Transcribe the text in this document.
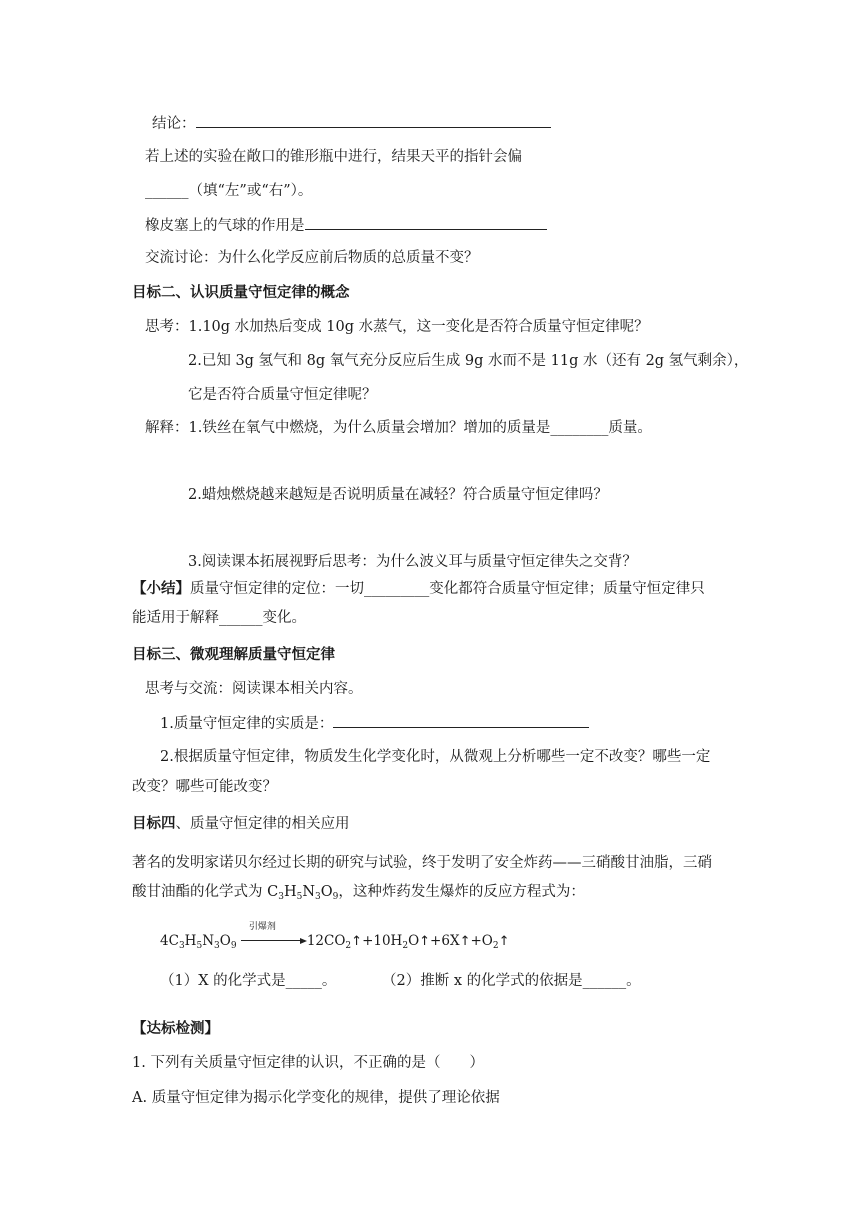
结论：
若上述的实验在敞口的锥形瓶中进行，结果天平的指针会偏
______（填“左”或“右”）。
橡皮塞上的气球的作用是
交流讨论：为什么化学反应前后物质的总质量不变？
目标二、认识质量守恒定律的概念
思考：1.10g 水加热后变成 10g 水蒸气，这一变化是否符合质量守恒定律呢？
2.已知 3g 氢气和 8g 氧气充分反应后生成 9g 水而不是 11g 水（还有 2g 氢气剩余），
它是否符合质量守恒定律呢？
解释：1.铁丝在氧气中燃烧，为什么质量会增加？增加的质量是________质量。
2.蜡烛燃烧越来越短是否说明质量在减轻？符合质量守恒定律吗？
3.阅读课本拓展视野后思考：为什么波义耳与质量守恒定律失之交背？
【小结】质量守恒定律的定位：一切_________变化都符合质量守恒定律；质量守恒定律只
能适用于解释______变化。
目标三、微观理解质量守恒定律
思考与交流：阅读课本相关内容。
1.质量守恒定律的实质是：
2.根据质量守恒定律，物质发生化学变化时，从微观上分析哪些一定不改变？哪些一定
改变？哪些可能改变？
目标四、质量守恒定律的相关应用
著名的发明家诺贝尔经过长期的研究与试验，终于发明了安全炸药——三硝酸甘油脂，三硝
酸甘油酯的化学式为 $C_3H_5N_3O_9$，这种炸药发生爆炸的反应方程式为：
$4C_3H_5N_3O_9$
引爆剂
$12CO_2↑+10H_2O↑+6X↑+O_2↑$
（1）X 的化学式是_____。	（2）推断 x 的化学式的依据是______。
【达标检测】
1. 下列有关质量守恒定律的认识，不正确的是（　　）
A. 质量守恒定律为揭示化学变化的规律，提供了理论依据
